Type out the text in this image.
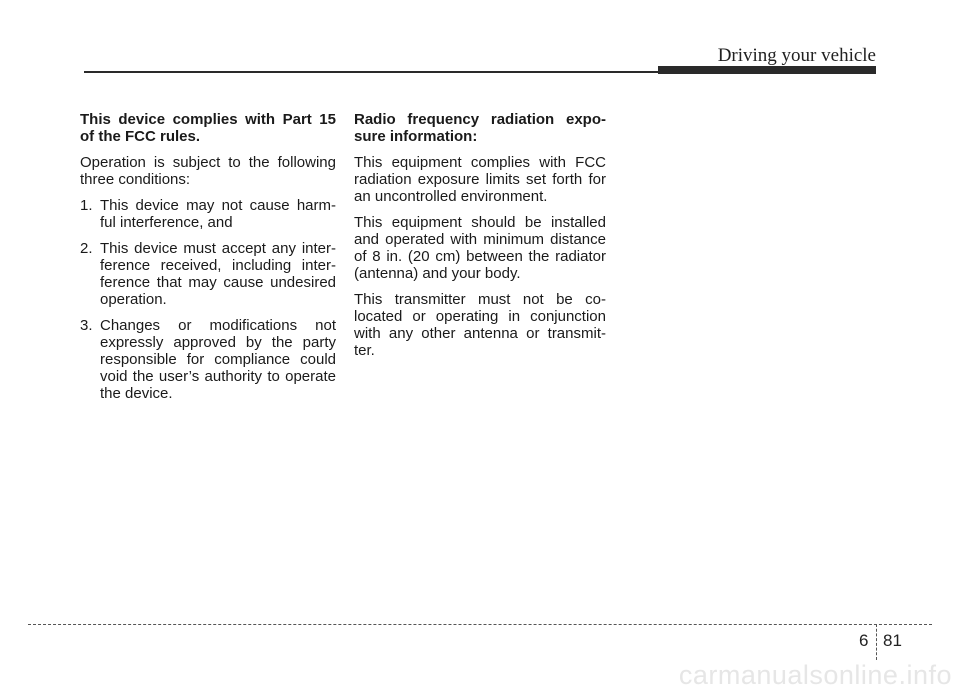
Driving your vehicle

This device complies with Part 15 of the FCC rules.

Operation is subject to the following three conditions:

1. This device may not cause harm-ful interference, and
2. This device must accept any inter-ference received, including inter-ference that may cause undesired operation.
3. Changes or modifications not expressly approved by the party responsible for compliance could void the user’s authority to operate the device.

Radio frequency radiation expo-sure information:

This equipment complies with FCC radiation exposure limits set forth for an uncontrolled environment.

This equipment should be installed and operated with minimum distance of 8 in. (20 cm) between the radiator (antenna) and your body.

This transmitter must not be co-located or operating in conjunction with any other antenna or transmit-ter.

6 81
carmanualsonline.info
